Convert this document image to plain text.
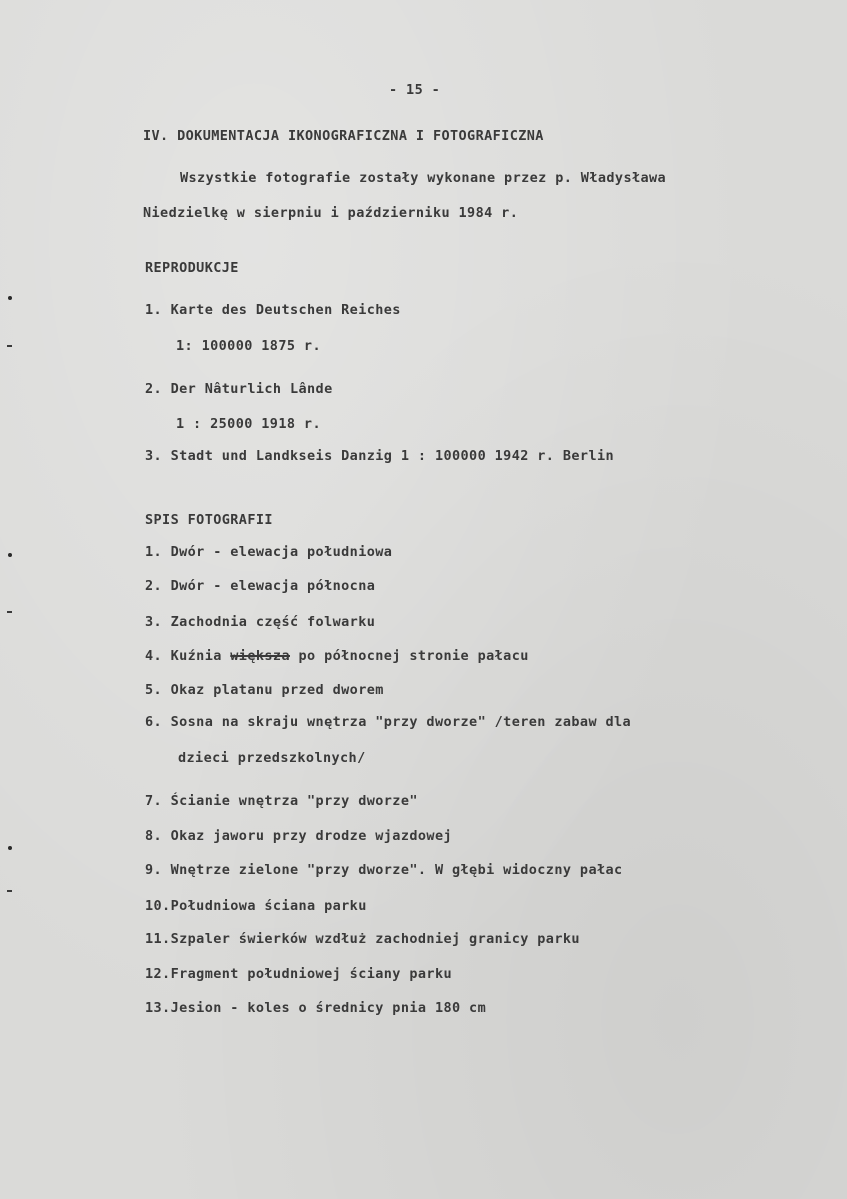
- 15 -
IV. DOKUMENTACJA IKONOGRAFICZNA I FOTOGRAFICZNA
Wszystkie fotografie zostały wykonane przez p. Władysława
Niedzielkę w sierpniu i październiku 1984 r.
REPRODUKCJE
1. Karte des Deutschen Reiches
1: 100000 1875 r.
2. Der Nâturlich Lânde
1 : 25000 1918 r.
3. Stadt und Landkseis Danzig 1 : 100000 1942 r. Berlin
SPIS FOTOGRAFII
1. Dwór - elewacja południowa
2. Dwór - elewacja północna
3. Zachodnia część folwarku
4. Kuźnia większa po północnej stronie pałacu
5. Okaz platanu przed dworem
6. Sosna na skraju wnętrza "przy dworze" /teren zabaw dla
dzieci przedszkolnych/
7. Ścianie wnętrza "przy dworze"
8. Okaz jaworu przy drodze wjazdowej
9. Wnętrze zielone "przy dworze". W głębi widoczny pałac
10.Południowa ściana parku
11.Szpaler świerków wzdłuż zachodniej granicy parku
12.Fragment południowej ściany parku
13.Jesion - koles o średnicy pnia 180 cm
